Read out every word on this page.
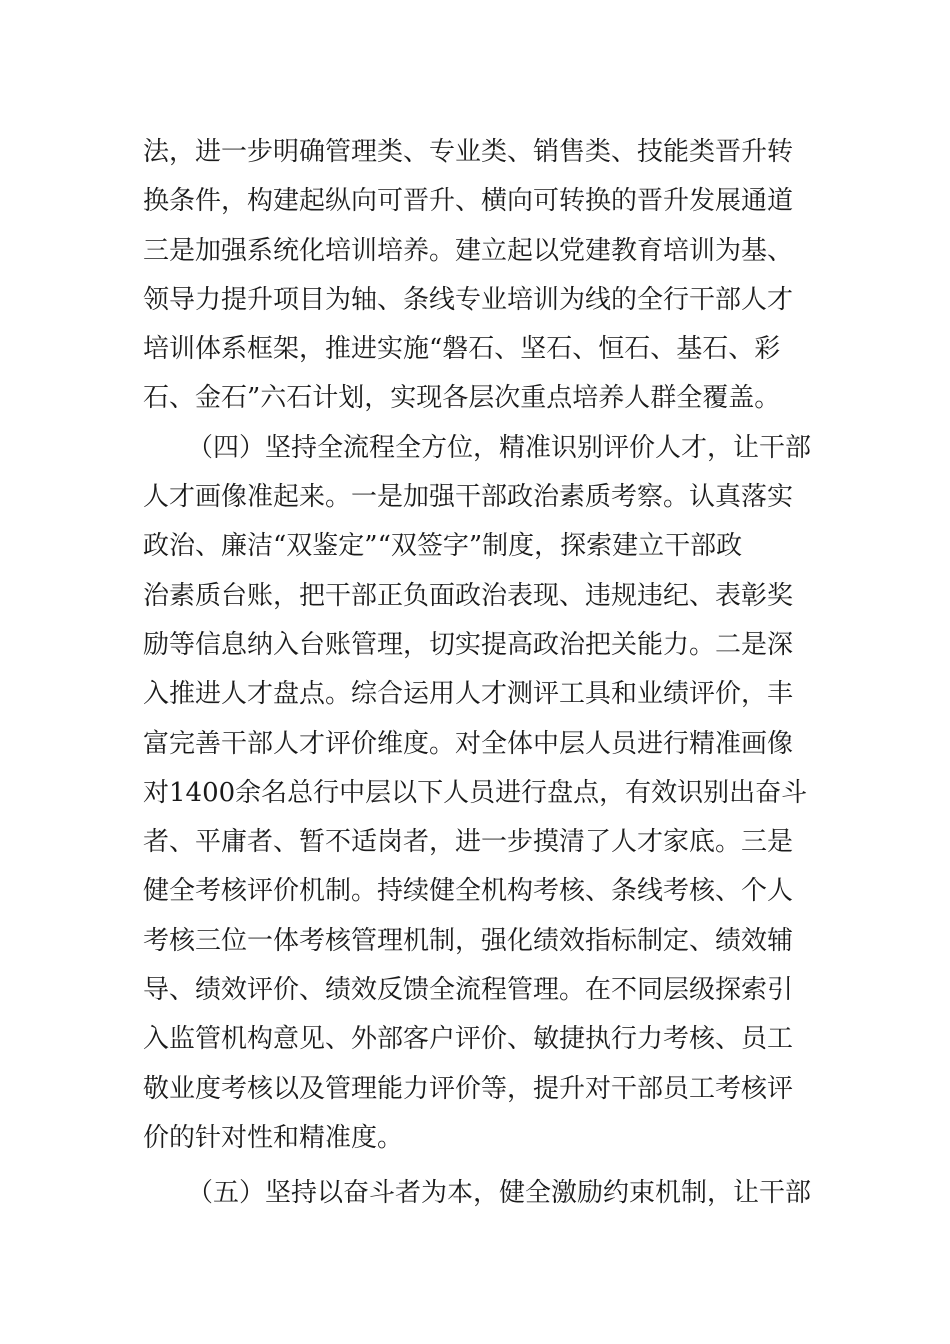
法，进一步明确管理类、专业类、销售类、技能类晋升转
换条件，构建起纵向可晋升、横向可转换的晋升发展通道
三是加强系统化培训培养。建立起以党建教育培训为基、
领导力提升项目为轴、条线专业培训为线的全行干部人才
培训体系框架，推进实施“磐石、坚石、恒石、基石、彩
石、金石”六石计划，实现各层次重点培养人群全覆盖。
（四）坚持全流程全方位，精准识别评价人才，让干部
人才画像准起来。一是加强干部政治素质考察。认真落实
政治、廉洁“双鉴定”“双签字”制度，探索建立干部政
治素质台账，把干部正负面政治表现、违规违纪、表彰奖
励等信息纳入台账管理，切实提高政治把关能力。二是深
入推进人才盘点。综合运用人才测评工具和业绩评价，丰
富完善干部人才评价维度。对全体中层人员进行精准画像
对1400余名总行中层以下人员进行盘点，有效识别出奋斗
者、平庸者、暂不适岗者，进一步摸清了人才家底。三是
健全考核评价机制。持续健全机构考核、条线考核、个人
考核三位一体考核管理机制，强化绩效指标制定、绩效辅
导、绩效评价、绩效反馈全流程管理。在不同层级探索引
入监管机构意见、外部客户评价、敏捷执行力考核、员工
敬业度考核以及管理能力评价等，提升对干部员工考核评
价的针对性和精准度。
（五）坚持以奋斗者为本，健全激励约束机制，让干部
